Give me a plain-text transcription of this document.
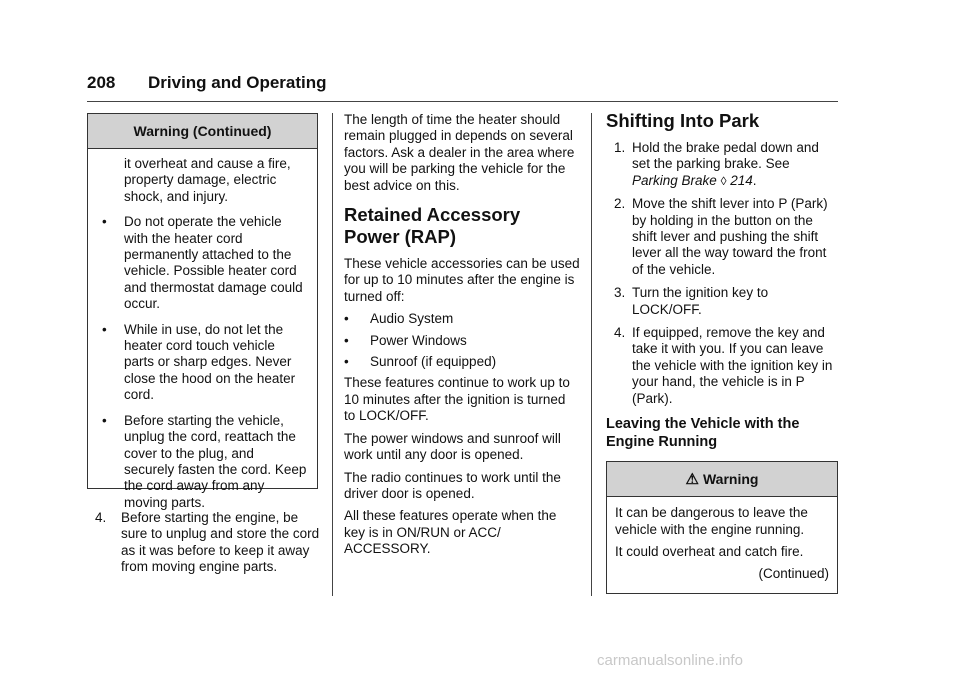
208 Driving and Operating
Warning (Continued)

it overheat and cause a fire, property damage, electric shock, and injury.

•	Do not operate the vehicle with the heater cord permanently attached to the vehicle. Possible heater cord and thermostat damage could occur.
•	While in use, do not let the heater cord touch vehicle parts or sharp edges. Never close the hood on the heater cord.
•	Before starting the vehicle, unplug the cord, reattach the cover to the plug, and securely fasten the cord. Keep the cord away from any moving parts.
4.	Before starting the engine, be sure to unplug and store the cord as it was before to keep it away from moving engine parts.

The length of time the heater should remain plugged in depends on several factors. Ask a dealer in the area where you will be parking the vehicle for the best advice on this.

Retained Accessory Power (RAP)

These vehicle accessories can be used for up to 10 minutes after the engine is turned off:

•	Audio System
•	Power Windows
•	Sunroof (if equipped)

These features continue to work up to 10 minutes after the ignition is turned to LOCK/OFF.

The power windows and sunroof will work until any door is opened.

The radio continues to work until the driver door is opened.

All these features operate when the key is in ON/RUN or ACC/ ACCESSORY.

Shifting Into Park
1. Hold the brake pedal down and set the parking brake. See Parking Brake ◊ 214.
2. Move the shift lever into P (Park) by holding in the button on the shift lever and pushing the shift lever all the way toward the front of the vehicle.
3. Turn the ignition key to LOCK/OFF.
4. If equipped, remove the key and take it with you. If you can leave the vehicle with the ignition key in your hand, the vehicle is in P (Park).
Leaving the Vehicle with the Engine Running
⚠ Warning

It can be dangerous to leave the vehicle with the engine running.

It could overheat and catch fire.

(Continued)

carmanualsonline.info
